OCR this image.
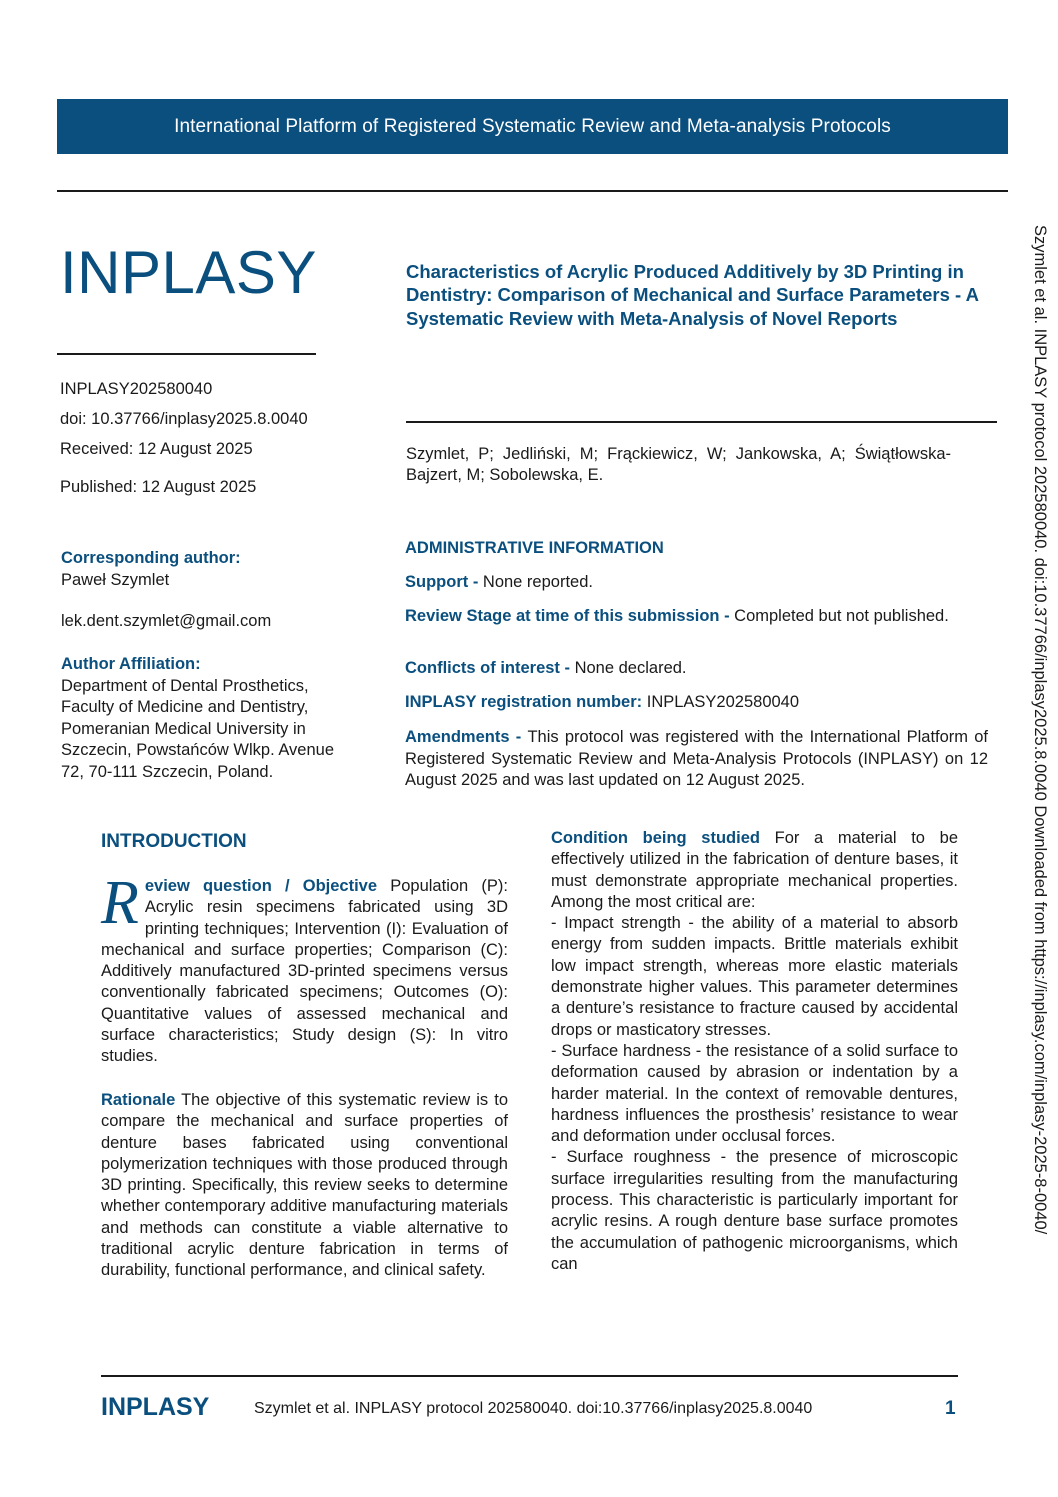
International Platform of Registered Systematic Review and Meta-analysis Protocols
INPLASY
INPLASY202580040
doi: 10.37766/inplasy2025.8.0040
Received: 12 August 2025
Published: 12 August 2025
Characteristics of Acrylic Produced Additively by 3D Printing in Dentistry: Comparison of Mechanical and Surface Parameters - A Systematic Review with Meta-Analysis of Novel Reports
Szymlet, P; Jedliński, M; Frąckiewicz, W; Jankowska, A; Świątłowska-Bajzert, M; Sobolewska, E.
Corresponding author:
Paweł Szymlet
lek.dent.szymlet@gmail.com
Author Affiliation:
Department of Dental Prosthetics, Faculty of Medicine and Dentistry, Pomeranian Medical University in Szczecin, Powstańców Wlkp. Avenue 72, 70-111 Szczecin, Poland.
ADMINISTRATIVE INFORMATION
Support - None reported.
Review Stage at time of this submission - Completed but not published.
Conflicts of interest - None declared.
INPLASY registration number: INPLASY202580040
Amendments - This protocol was registered with the International Platform of Registered Systematic Review and Meta-Analysis Protocols (INPLASY) on 12 August 2025 and was last updated on 12 August 2025.
INTRODUCTION
Review question / Objective Population (P): Acrylic resin specimens fabricated using 3D printing techniques; Intervention (I): Evaluation of mechanical and surface properties; Comparison (C): Additively manufactured 3D-printed specimens versus conventionally fabricated specimens; Outcomes (O): Quantitative values of assessed mechanical and surface characteristics; Study design (S): In vitro studies.
Rationale The objective of this systematic review is to compare the mechanical and surface properties of denture bases fabricated using conventional polymerization techniques with those produced through 3D printing. Specifically, this review seeks to determine whether contemporary additive manufacturing materials and methods can constitute a viable alternative to traditional acrylic denture fabrication in terms of durability, functional performance, and clinical safety.
Condition being studied For a material to be effectively utilized in the fabrication of denture bases, it must demonstrate appropriate mechanical properties. Among the most critical are:
- Impact strength - the ability of a material to absorb energy from sudden impacts. Brittle materials exhibit low impact strength, whereas more elastic materials demonstrate higher values. This parameter determines a denture’s resistance to fracture caused by accidental drops or masticatory stresses.
- Surface hardness - the resistance of a solid surface to deformation caused by abrasion or indentation by a harder material. In the context of removable dentures, hardness influences the prosthesis’ resistance to wear and deformation under occlusal forces.
- Surface roughness - the presence of microscopic surface irregularities resulting from the manufacturing process. This characteristic is particularly important for acrylic resins. A rough denture base surface promotes the accumulation of pathogenic microorganisms, which can
Szymlet et al. INPLASY protocol 202580040. doi:10.37766/inplasy2025.8.0040 Downloaded from https://inplasy.com/inplasy-2025-8-0040/
INPLASY	Szymlet et al. INPLASY protocol 202580040. doi:10.37766/inplasy2025.8.0040	1
